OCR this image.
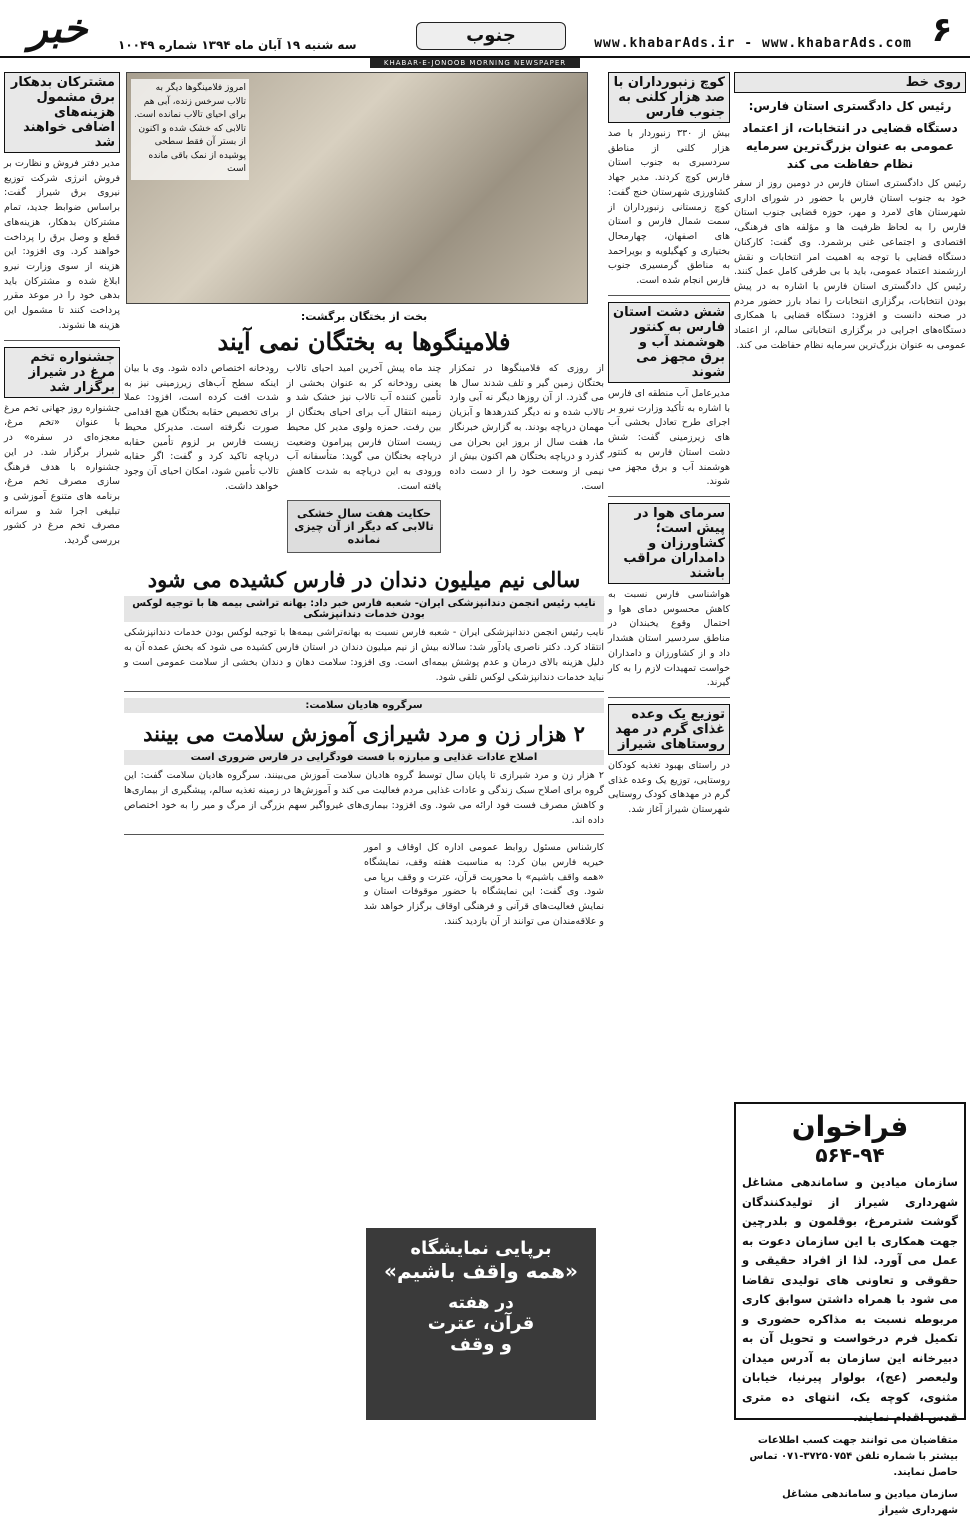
۶
www.khabarAds.ir - www.khabarAds.com
جنوب
سه شنبه ۱۹ آبان ماه ۱۳۹۴ شماره ۱۰۰۴۹
خبر
KHABAR-E-JONOOB MORNING NEWSPAPER
روی خط
رئیس کل دادگستری استان فارس:
دستگاه قضایی در انتخابات، از اعتماد عمومی به عنوان بزرگ‌ترین سرمایه نظام حفاظت می کند
رئیس کل دادگستری استان فارس در دومین روز از سفر خود به جنوب استان فارس با حضور در شورای اداری شهرستان های لامرد و مهر، حوزه قضایی جنوب استان فارس را به لحاظ ظرفیت ها و مؤلفه های فرهنگی، اقتصادی و اجتماعی غنی برشمرد. وی گفت: کارکنان دستگاه قضایی با توجه به اهمیت امر انتخابات و نقش ارزشمند اعتماد عمومی، باید با بی طرفی کامل عمل کنند. رئیس کل دادگستری استان فارس با اشاره به در پیش بودن انتخابات، برگزاری انتخابات را نماد بارز حضور مردم در صحنه دانست و افزود: دستگاه قضایی با همکاری دستگاه‌های اجرایی در برگزاری انتخاباتی سالم، از اعتماد عمومی به عنوان بزرگ‌ترین سرمایه نظام حفاظت می کند.
کوچ زنبورداران با صد هزار کلنی به جنوب فارس
بیش از ۳۳۰ زنبوردار با صد هزار کلنی از مناطق سردسیری به جنوب استان فارس کوچ کردند. مدیر جهاد کشاورزی شهرستان خنج گفت: کوچ زمستانی زنبورداران از سمت شمال فارس و استان های اصفهان، چهارمحال بختیاری و کهگیلویه و بویراحمد به مناطق گرمسیری جنوب فارس انجام شده است.
شش دشت استان فارس به کنتور هوشمند آب و برق مجهز می شوند
مدیرعامل آب منطقه ای فارس با اشاره به تأکید وزارت نیرو بر اجرای طرح تعادل بخشی آب های زیرزمینی گفت: شش دشت استان فارس به کنتور هوشمند آب و برق مجهز می شوند.
سرمای هوا در پیش است؛ کشاورزان و دامداران مراقب باشند
هواشناسی فارس نسبت به کاهش محسوس دمای هوا و احتمال وقوع یخبندان در مناطق سردسیر استان هشدار داد و از کشاورزان و دامداران خواست تمهیدات لازم را به کار گیرند.
توزیع یک وعده غذای گرم در مهد روستاهای شیراز
در راستای بهبود تغذیه کودکان روستایی، توزیع یک وعده غذای گرم در مهدهای کودک روستایی شهرستان شیراز آغاز شد.
امروز فلامینگوها دیگر به تالاب سرخس زنده، آبی هم برای احیای تالاب نمانده است. تالابی که خشک شده و اکنون از بستر آن فقط سطحی پوشیده از نمک باقی مانده است
بخت از بختگان برگشت:
فلامینگوها به بختگان نمی آیند
از روزی که فلامینگوها در تمکزار بختگان زمین گیر و تلف شدند سال ها می گذرد. از آن روزها دیگر نه آبی وارد تالاب شده و نه دیگر کندرهدها و آبزیان مهمان دریاچه بودند. به گزارش خبرنگار ما، هفت سال از بروز این بحران می گذرد و دریاچه بختگان هم اکنون بیش از نیمی از وسعت خود را از دست داده است.
چند ماه پیش آخرین امید احیای تالاب یعنی رودخانه کر به عنوان بخشی از تأمین کننده آب تالاب نیز خشک شد و زمینه انتقال آب برای احیای بختگان از بین رفت. حمزه ولوی مدیر کل محیط زیست استان فارس پیرامون وضعیت دریاچه بختگان می گوید: متأسفانه آب ورودی به این دریاچه به شدت کاهش یافته است.
حکایت هفت سال خشکی تالابی که دیگر از آن چیزی نمانده
رودخانه اختصاص داده شود. وی با بیان اینکه سطح آب‌های زیرزمینی نیز به شدت افت کرده است، افزود: عملا برای تخصیص حقابه بختگان هیچ اقدامی صورت نگرفته است. مدیرکل محیط زیست فارس بر لزوم تأمین حقابه دریاچه تاکید کرد و گفت: اگر حقابه تالاب تأمین شود، امکان احیای آن وجود خواهد داشت.
سالی نیم میلیون دندان در فارس کشیده می شود
نایب رئیس انجمن دندانپزشکی ایران- شعبه فارس خبر داد: بهانه تراشی بیمه ها با توجیه لوکس بودن خدمات دندانپزشکی
نایب رئیس انجمن دندانپزشکی ایران - شعبه فارس نسبت به بهانه‌تراشی بیمه‌ها با توجیه لوکس بودن خدمات دندانپزشکی انتقاد کرد. دکتر ناصری یادآور شد: سالانه بیش از نیم میلیون دندان در استان فارس کشیده می شود که بخش عمده آن به دلیل هزینه بالای درمان و عدم پوشش بیمه‌ای است. وی افزود: سلامت دهان و دندان بخشی از سلامت عمومی است و نباید خدمات دندانپزشکی لوکس تلقی شود.
سرگروه هادیان سلامت:
۲ هزار زن و مرد شیرازی آموزش سلامت می بینند
اصلاح عادات غذایی و مبارزه با فست فودگرایی در فارس ضروری است
۲ هزار زن و مرد شیرازی تا پایان سال توسط گروه هادیان سلامت آموزش می‌بینند. سرگروه هادیان سلامت گفت: این گروه برای اصلاح سبک زندگی و عادات غذایی مردم فعالیت می کند و آموزش‌ها در زمینه تغذیه سالم، پیشگیری از بیماری‌ها و کاهش مصرف فست فود ارائه می شود. وی افزود: بیماری‌های غیرواگیر سهم بزرگی از مرگ و میر را به خود اختصاص داده اند.
کارشناس مسئول روابط عمومی اداره کل اوقاف و امور خیریه فارس بیان کرد: به مناسبت هفته وقف، نمایشگاه «همه واقف باشیم» با محوریت قرآن، عترت و وقف برپا می شود. وی گفت: این نمایشگاه با حضور موقوفات استان و نمایش فعالیت‌های قرآنی و فرهنگی اوقاف برگزار خواهد شد و علاقه‌مندان می توانند از آن بازدید کنند.
برپایی نمایشگاه
«همه واقف باشیم»
در هفته
قرآن، عترت
و وقف
مشترکان بدهکار برق مشمول هزینه‌های اضافی خواهند شد
مدیر دفتر فروش و نظارت بر فروش انرژی شرکت توزیع نیروی برق شیراز گفت: براساس ضوابط جدید، تمام مشترکان بدهکار، هزینه‌های قطع و وصل برق را پرداخت خواهند کرد. وی افزود: این هزینه از سوی وزارت نیرو ابلاغ شده و مشترکان باید بدهی خود را در موعد مقرر پرداخت کنند تا مشمول این هزینه ها نشوند.
جشنواره تخم مرغ در شیراز برگزار شد
جشنواره روز جهانی تخم مرغ با عنوان «تخم مرغ، معجزه‌ای در سفره» در شیراز برگزار شد. در این جشنواره با هدف فرهنگ سازی مصرف تخم مرغ، برنامه های متنوع آموزشی و تبلیغی اجرا شد و سرانه مصرف تخم مرغ در کشور بررسی گردید.
فراخوان
۵۶۴-۹۴
سازمان میادین و ساماندهی مشاغل شهرداری شیراز از تولیدکنندگان گوشت شترمرغ، بوقلمون و بلدرچین جهت همکاری با این سازمان دعوت به عمل می آورد. لذا از افراد حقیقی و حقوقی و تعاونی های تولیدی تقاضا می شود با همراه داشتن سوابق کاری مربوطه نسبت به مذاکره حضوری و تکمیل فرم درخواست و تحویل آن به دبیرخانه این سازمان به آدرس میدان ولیعصر (عج)، بولوار پیرنیا، خیابان مثنوی، کوچه یک، انتهای ده متری قدس اقدام نمایند.
متقاضیان می توانند جهت کسب اطلاعات بیشتر با شماره تلفن ۳۷۲۵۰۷۵۴-۰۷۱ تماس حاصل نمایند.
سازمان میادین و ساماندهی مشاغل شهرداری شیراز
